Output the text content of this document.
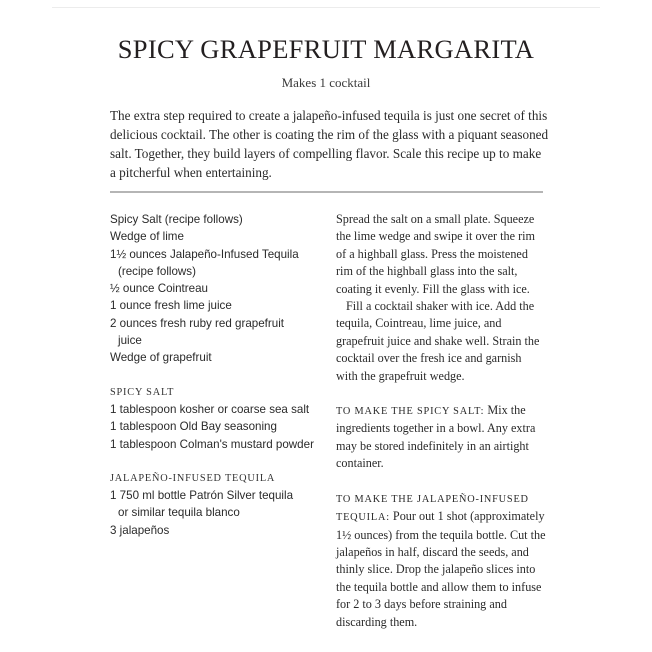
SPICY GRAPEFRUIT MARGARITA
Makes 1 cocktail
The extra step required to create a jalapeño-infused tequila is just one secret of this delicious cocktail. The other is coating the rim of the glass with a piquant seasoned salt. Together, they build layers of compelling flavor. Scale this recipe up to make a pitcherful when entertaining.
Spicy Salt (recipe follows)
Wedge of lime
1½ ounces Jalapeño-Infused Tequila
(recipe follows)
½ ounce Cointreau
1 ounce fresh lime juice
2 ounces fresh ruby red grapefruit
juice
Wedge of grapefruit
SPICY SALT
1 tablespoon kosher or coarse sea salt
1 tablespoon Old Bay seasoning
1 tablespoon Colman's mustard powder
JALAPEÑO-INFUSED TEQUILA
1 750 ml bottle Patrón Silver tequila
or similar tequila blanco
3 jalapeños

Spread the salt on a small plate. Squeeze the lime wedge and swipe it over the rim of a highball glass. Press the moistened rim of the highball glass into the salt, coating it evenly. Fill the glass with ice.

Fill a cocktail shaker with ice. Add the tequila, Cointreau, lime juice, and grapefruit juice and shake well. Strain the cocktail over the fresh ice and garnish with the grapefruit wedge.

TO MAKE THE SPICY SALT: Mix the ingredients together in a bowl. Any extra may be stored indefinitely in an airtight container.

TO MAKE THE JALAPEÑO-INFUSED TEQUILA: Pour out 1 shot (approximately 1½ ounces) from the tequila bottle. Cut the jalapeños in half, discard the seeds, and thinly slice. Drop the jalapeño slices into the tequila bottle and allow them to infuse for 2 to 3 days before straining and discarding them.
